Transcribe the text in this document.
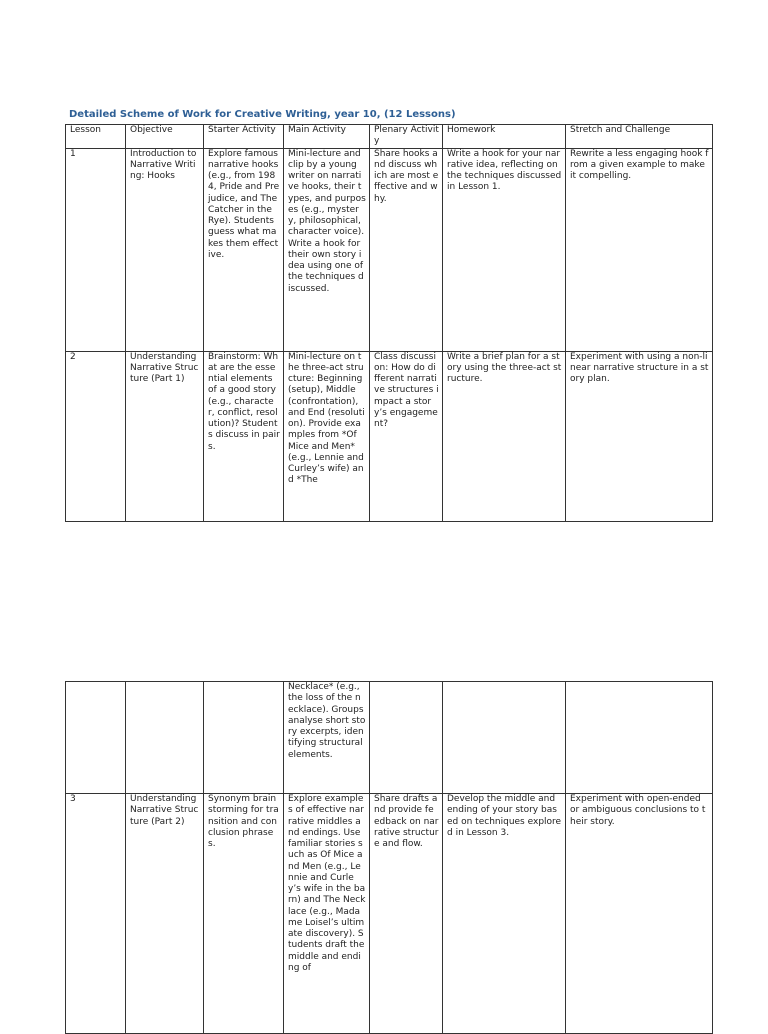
Detailed Scheme of Work for Creative Writing, year 10, (12 Lessons)
Lesson	Objective	Starter Activity	Main Activity	Plenary Activity	Homework	Stretch and Challenge
1	Introduction to Narrative Writing: Hooks	Explore famous narrative hooks (e.g., from 1984, Pride and Prejudice, and The Catcher in the Rye). Students guess what makes them effective.	Mini-lecture and clip by a young writer on narrative hooks, their types, and purposes (e.g., mystery, philosophical, character voice). Write a hook for their own story idea using one of the techniques discussed.	Share hooks and discuss which are most effective and why.	Write a hook for your narrative idea, reflecting on the techniques discussed in Lesson 1.	Rewrite a less engaging hook from a given example to make it compelling.
2	Understanding Narrative Structure (Part 1)	Brainstorm: What are the essential elements of a good story (e.g., character, conflict, resolution)? Students discuss in pairs.	Mini-lecture on the three-act structure: Beginning (setup), Middle (confrontation), and End (resolution). Provide examples from *Of Mice and Men* (e.g., Lennie and Curley’s wife) and *The	Class discussion: How do different narrative structures impact a story’s engagement?	Write a brief plan for a story using the three-act structure.	Experiment with using a non-linear narrative structure in a story plan.
			Necklace* (e.g., the loss of the necklace). Groups analyse short story excerpts, identifying structural elements.			
3	Understanding Narrative Structure (Part 2)	Synonym brainstorming for transition and conclusion phrases.	Explore examples of effective narrative middles and endings. Use familiar stories such as Of Mice and Men (e.g., Lennie and Curley’s wife in the barn) and The Necklace (e.g., Madame Loisel’s ultimate discovery). Students draft the middle and ending of	Share drafts and provide feedback on narrative structure and flow.	Develop the middle and ending of your story based on techniques explored in Lesson 3.	Experiment with open-ended or ambiguous conclusions to their story.
